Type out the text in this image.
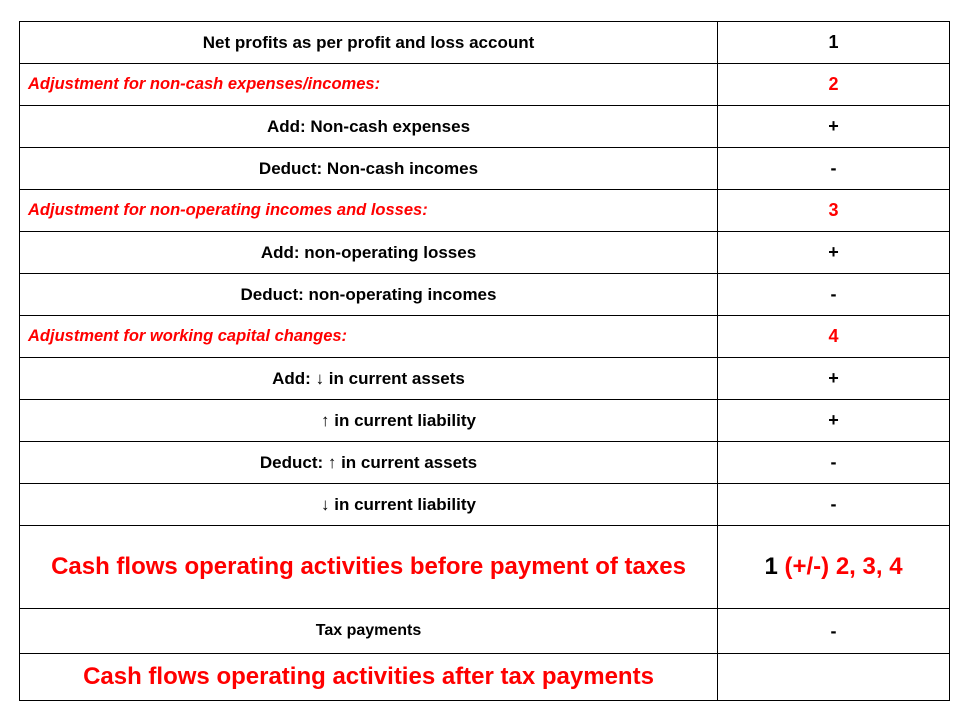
Net profits as per profit and loss account	1
Adjustment for non-cash expenses/incomes:	2
Add: Non-cash expenses	+
Deduct: Non-cash incomes	-
Adjustment for non-operating incomes and losses:	3
Add: non-operating losses	+
Deduct: non-operating incomes	-
Adjustment for working capital changes:	4
Add: ↓ in current assets	+
↑ in current liability	+
Deduct: ↑ in current assets	-
↓ in current liability	-
Cash flows operating activities before payment of taxes	1 (+/-) 2, 3, 4
Tax payments	-
Cash flows operating activities after tax payments	
